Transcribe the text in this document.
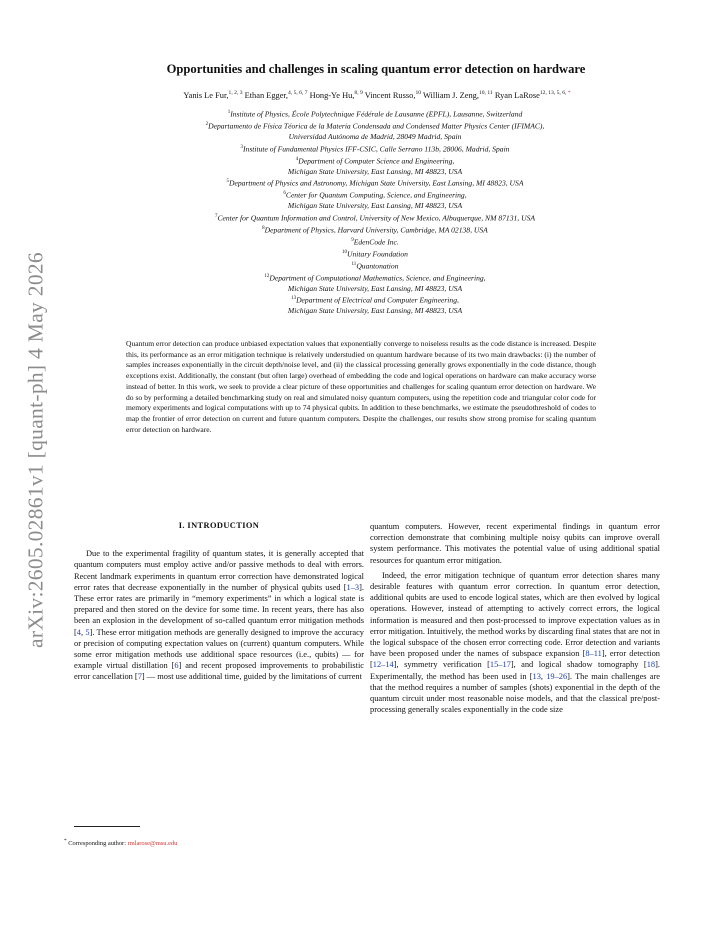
arXiv:2605.02861v1 [quant-ph] 4 May 2026
Opportunities and challenges in scaling quantum error detection on hardware
Yanis Le Fur,$^{1, 2, 3}$ Ethan Egger,$^{4, 5, 6, 7}$ Hong-Ye Hu,$^{8, 9}$ Vincent Russo,$^{10}$ William J. Zeng,$^{10, 11}$ Ryan LaRose$^{12, 13, 5, 6,}$ *
$^1$Institute of Physics, École Polytechnique Fédérale de Lausanne (EPFL), Lausanne, Switzerland
$^2$Departamento de Física Téorica de la Materia Condensada and Condensed Matter Physics Center (IFIMAC),
Universidad Autónoma de Madrid, 28049 Madrid, Spain
$^3$Institute of Fundamental Physics IFF-CSIC, Calle Serrano 113b, 28006, Madrid, Spain
$^4$Department of Computer Science and Engineering,
Michigan State University, East Lansing, MI 48823, USA
$^5$Department of Physics and Astronomy, Michigan State University, East Lansing, MI 48823, USA
$^6$Center for Quantum Computing, Science, and Engineering,
Michigan State University, East Lansing, MI 48823, USA
$^7$Center for Quantum Information and Control, University of New Mexico, Albuquerque, NM 87131, USA
$^8$Department of Physics, Harvard University, Cambridge, MA 02138, USA
$^9$EdenCode Inc.
$^{10}$Unitary Foundation
$^{11}$Quantonation
$^{12}$Department of Computational Mathematics, Science, and Engineering,
Michigan State University, East Lansing, MI 48823, USA
$^{13}$Department of Electrical and Computer Engineering,
Michigan State University, East Lansing, MI 48823, USA
Quantum error detection can produce unbiased expectation values that exponentially converge to noiseless results as the code distance is increased. Despite this, its performance as an error mitigation technique is relatively understudied on quantum hardware because of its two main drawbacks: (i) the number of samples increases exponentially in the circuit depth/noise level, and (ii) the classical processing generally grows exponentially in the code distance, though exceptions exist. Additionally, the constant (but often large) overhead of embedding the code and logical operations on hardware can make accuracy worse instead of better. In this work, we seek to provide a clear picture of these opportunities and challenges for scaling quantum error detection on hardware. We do so by performing a detailed benchmarking study on real and simulated noisy quantum computers, using the repetition code and triangular color code for memory experiments and logical computations with up to 74 physical qubits. In addition to these benchmarks, we estimate the pseudothreshold of codes to map the frontier of error detection on current and future quantum computers. Despite the challenges, our results show strong promise for scaling quantum error detection on hardware.
I. INTRODUCTION

Due to the experimental fragility of quantum states, it is generally accepted that quantum computers must employ active and/or passive methods to deal with errors. Recent landmark experiments in quantum error correction have demonstrated logical error rates that decrease exponentially in the number of physical qubits used [1–3]. These error rates are primarily in “memory experiments” in which a logical state is prepared and then stored on the device for some time. In recent years, there has also been an explosion in the development of so-called quantum error mitigation methods [4, 5]. These error mitigation methods are generally designed to improve the accuracy or precision of computing expectation values on (current) quantum computers. While some error mitigation methods use additional space resources (i.e., qubits) — for example virtual distillation [6] and recent proposed improvements to probabilistic error cancellation [7] — most use additional time, guided by the limitations of current

quantum computers. However, recent experimental findings in quantum error correction demonstrate that combining multiple noisy qubits can improve overall system performance. This motivates the potential value of using additional spatial resources for quantum error mitigation.

Indeed, the error mitigation technique of quantum error detection shares many desirable features with quantum error correction. In quantum error detection, additional qubits are used to encode logical states, which are then evolved by logical operations. However, instead of attempting to actively correct errors, the logical information is measured and then post-processed to improve expectation values as in error mitigation. Intuitively, the method works by discarding final states that are not in the logical subspace of the chosen error correcting code. Error detection and variants have been proposed under the names of subspace expansion [8–11], error detection [12–14], symmetry verification [15–17], and logical shadow tomography [18]. Experimentally, the method has been used in [13, 19–26]. The main challenges are that the method requires a number of samples (shots) exponential in the depth of the quantum circuit under most reasonable noise models, and that the classical pre/post-processing generally scales exponentially in the code size

* Corresponding author: rmlarose@msu.edu
